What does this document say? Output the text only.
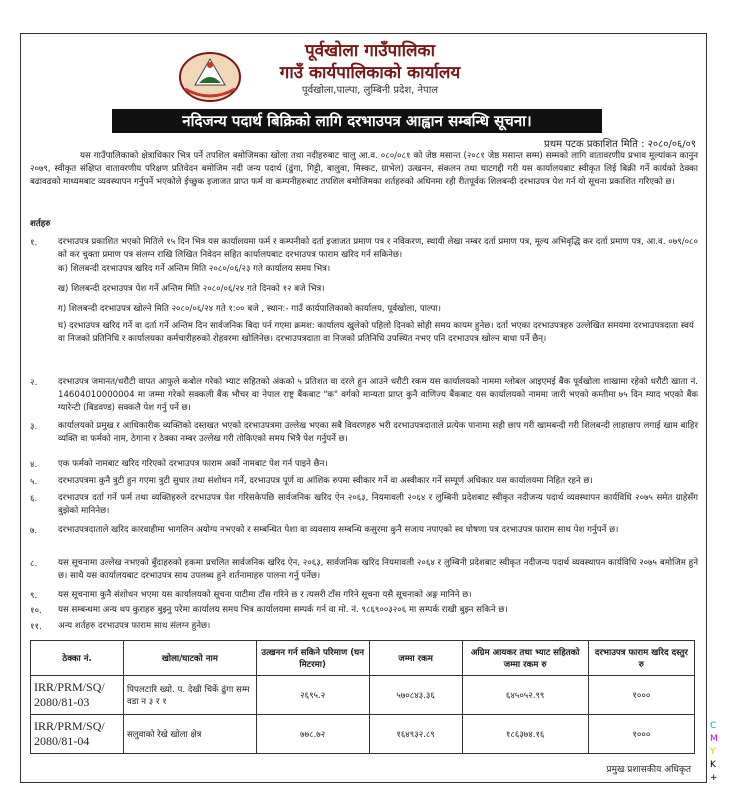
पूर्वखोला गाउँपालिका
गाउँ कार्यपालिकाको कार्यालय
पूर्वखोला,पाल्पा, लुम्बिनी प्रदेश, नेपाल
नदिजन्य पदार्थ बिक्रिको लागि दरभाउपत्र आह्वान सम्बन्धि सूचना।
प्रथम पटक प्रकाशित मिति : २०८०/०६/०९
यस गाउँपालिकाको क्षेत्राधिकार भित्र पर्ने तपशिल बमोजिमका खोला तथा नदीहरुबाट चालु आ.व. ०८०/०८१ को जेष्ठ मसान्त (२०८१ जेष्ठ मसान्त सम्म) सम्मको लागि वातावरणीय प्रभाव मूल्यांकन कानुन २०७९, स्वीकृत संक्षिप्त वातावरणीय परिक्षण प्रतिवेदन बमोजिम नदी जन्य पदार्थ (ढुंगा, गिट्टी, बालुवा, मिस्कट, ग्राभेल) उत्खनन, संकलन तथा घाटगद्दी गरी यस कार्यालयबाट स्वीकृत लिई बिक्री गर्ने कार्यको ठेक्का बढावढको माध्यमबाट व्यवस्थापन गर्नुपर्ने भएकोले ईच्छुक इजाजत प्राप्त फर्म वा कम्पनीहरुबाट तपशिल बमोजिमका शर्तहरुको अधिनमा रही रीतपूर्वक शिलबन्दी दरभाउपत्र पेश गर्न यो सूचना प्रकाशित गरिएको छ।
शर्तहरु
१. दरभाउपत्र प्रकाशित भएको मितिले १५ दिन भित्र यस कार्यालयमा फर्म र कम्पनीको दर्ता इजाजत प्रमाण पत्र र नविकरण, स्थायी लेखा नम्बर दर्ता प्रमाण पत्र, मूल्य अभिवृद्धि कर दर्ता प्रमाण पत्र, आ.व. ०७९/०८० को कर चुक्ता प्रमाण पत्र संलग्न राखि लिखित निवेदन सहित कार्यालयबाट दरभाउपत्र फाराम खरिद गर्न सकिनेछ।
क) शिलबन्दी दरभाउपत्र खरिद गर्ने अन्तिम मिति २०८०/०६/२३ गते कार्यालय समय भित्र।
ख) शिलबन्दी दरभाउपत्र पेश गर्ने अन्तिम मिति २०८०/०६/२४ गते दिनको १२ बजे भित्र।
ग) शिलबन्दी दरभाउपत्र खोल्ने मिति २०८०/०६/२४ गते १:०० बजे , स्थान:- गाउँ कार्यपालिकाको कार्यालय, पूर्वखोला, पाल्पा।
घ) दरभाउपत्र खरिद गर्ने वा दर्ता गर्ने अन्तिम दिन सार्वजनिक बिदा पर्न गएमा क्रमश: कार्यालय खुलेको पहिलो दिनको सोही समय कायम हुनेछ। दर्ता भएका दरभाउपत्रहरु उल्लेखित समयमा दरभाउपत्रदाता स्वयं वा निजको प्रतिनिधि र कार्यालयका कर्मचारीहरुको रोहवरमा खोलिनेछ। दरभाउपत्रदाता वा निजको प्रतिनिधि उपस्थित नभए पनि दरभाउपत्र खोल्न बाधा पर्ने छैन्।
२. दरभाउपत्र जमानत/धरौटी वापत आफुले कबोल गरेको भ्याट सहितको अंकको ५ प्रतिशत वा दरले हुन आउने धरौटी रकम यस कार्यालयको नाममा ग्लोबल आइएमई बैंक पूर्वखोला शाखामा रहेको धरौटी खाता नं. 14604010000004 मा जम्मा गरेको सक्कली बैंक भौचर वा नेपाल राष्ट्र बैंकबाट "क" वर्गको मान्यता प्राप्त कुनै वाणिज्य बैंकबाट यस कार्यालयको नाममा जारी भएको कम्तीमा ७५ दिन म्याद भएको बैंक ग्यारेन्टी (बिडवण्ड) सक्कलै पेश गर्नु पर्ने छ।
३. कार्यालयको प्रमुख र आधिकारीक व्यक्तिको दस्तखत भएको दरभाउपत्रमा उल्लेख भएका सबै विवरणहरु भरी दरभाउपत्रदाताले प्रत्येक पानामा सही छाप गरी खामबन्दी गरी शिलबन्दी लाहाछाप लगाई खाम बाहिर व्यक्ति वा फर्मको नाम, ठेगाना र ठेक्का नम्बर उल्लेख गरी तोकिएको समय भित्रै पेश गर्नुपर्ने छ।
४. एक फर्मको नामबाट खरिद गरिएको दरभाउपत्र फाराम अर्को नामबाट पेश गर्न पाइने छैन।
५. दरभाउपत्रमा कुनै त्रुटी हुन गएमा त्रुटी सुधार तथा संशोधन गर्ने, दरभाउपत्र पूर्ण वा आंशिक रुपमा स्वीकार गर्ने वा अस्वीकार गर्ने सम्पूर्ण अधिकार यस कार्यालयमा निहित रहने छ।
६. दरभाउपत्र दर्ता गर्ने फर्म तथा व्यक्तिहरुले दरभाउपत्र पेश गरिसकेपछि सार्वजनिक खरिद ऐन २०६३, नियमावली २०६४ र लुम्बिनी प्रदेशबाट स्वीकृत नदीजन्य पदार्थ व्यवस्थापन कार्यविधि २०७५ समेत ग्राहेसँग बुझेको मानिनेछ।
७. दरभाउपत्रदाताले खरिद कारवाहीमा भागलिन अयोग्य नभएको र सम्बन्धित पेशा वा व्यवसाय सम्बन्धि कसुरमा कुनै सजाय नपाएको स्व घोषणा पत्र दरभाउपत्र फाराम साथ पेश गर्नुपर्ने छ।
८. यस सूचनामा उल्लेख नभएको बुँदाहरुको हकमा प्रचलित सार्वजनिक खरिद ऐन, २०६३, सार्वजनिक खरिद नियमावली २०६४ र लुम्बिनी प्रदेशबाट स्वीकृत नदीजन्य पदार्थ व्यवस्थापन कार्यविधि २०७५ बमोजिम हुने छ। साथै यस कार्यालयबाट दरभाउपत्र साथ उपलब्ध हुने शर्तनामाहरु पालना गर्नु पर्नेछ।
९. यस सूचनामा कुनै संशोधन भएमा यस कार्यालयको सूचना पाटीमा टाँस गरिने छ र त्यसरी टाँस गरिने सूचना यसै सूचनाको अङ्ग मानिने छ।
१०. यस सम्बन्धमा अन्य थप कुराहरु बुझ्नु परेमा कार्यालय समय भित्र कार्यालयमा सम्पर्क गर्न वा मो. नं. ९८६९००३२०६ मा सम्पर्क राखी बुझ्न सकिने छ।
११. अन्य शर्तहरु दरभाउपत्र फाराम साथ संलग्न हुनेछ।
ठेक्का नं.	खोला/घाटको नाम	उत्खनन गर्न सकिने परिमाण (घन मिटरमा)	जम्मा रकम	अग्रिम आयकर तथा भ्याट सहितको जम्मा रकम रु	दरभाउपत्र फाराम खरिद दस्तुर रु
IRR/PRM/SQ/ 2080/81-03	पिपलटारि ख्यो. प. देखी चिर्के ढुंगा सम्म वडा न ३ र १	२६९५.२	५७०८४३.३६	६४५०५२.९९	१०००
IRR/PRM/SQ/ 2080/81-04	सलुवाको रेखे खोला क्षेत्र	७७८.७२	१६४९३२.८९	१८६३७४.१६	१०००
प्रमुख प्रशासकीय अधिकृत
C
M
Y
K
+
